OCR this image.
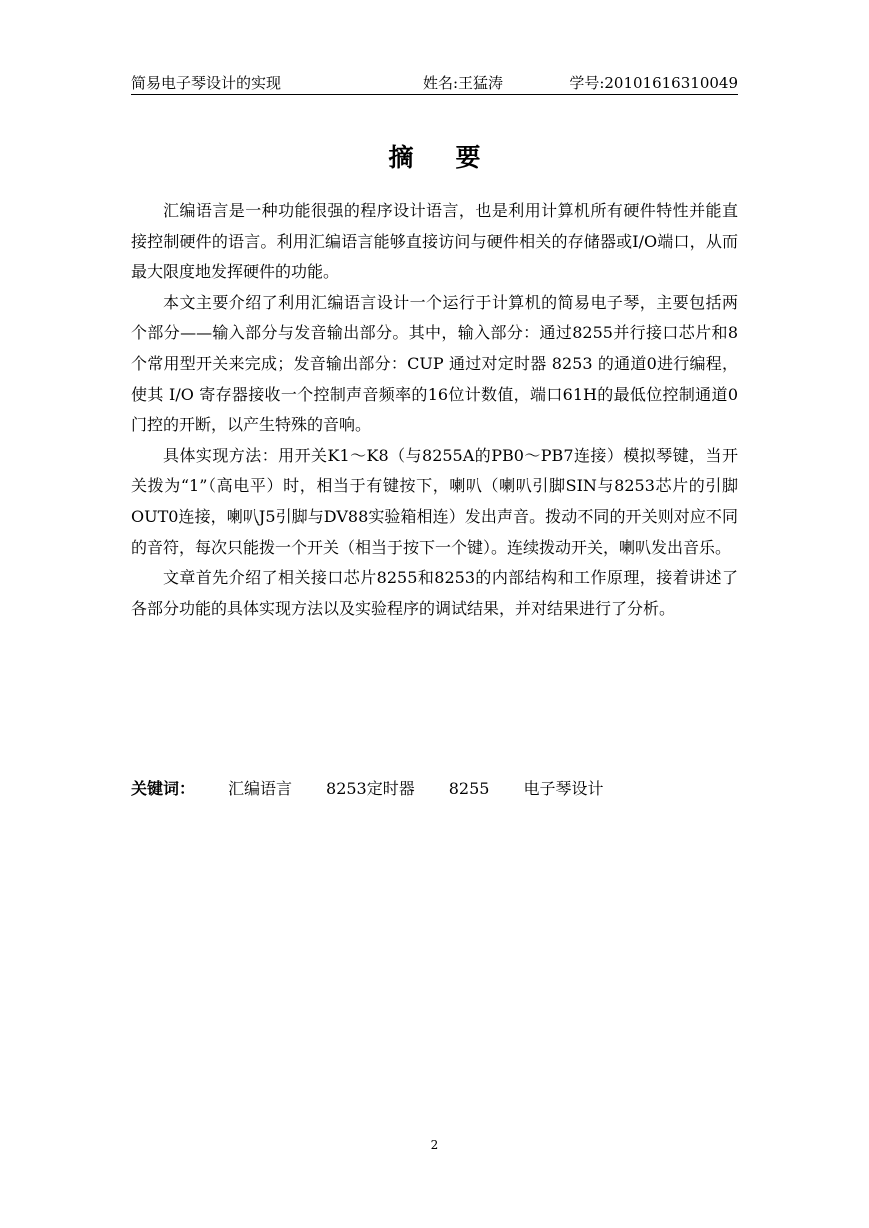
简易电子琴设计的实现	姓名:王猛涛	学号:20101616310049
摘要

汇编语言是一种功能很强的程序设计语言，也是利用计算机所有硬件特性并能直接控制硬件的语言。利用汇编语言能够直接访问与硬件相关的存储器或I/O端口，从而最大限度地发挥硬件的功能。

本文主要介绍了利用汇编语言设计一个运行于计算机的简易电子琴，主要包括两个部分——输入部分与发音输出部分。其中，输入部分：通过8255并行接口芯片和8个常用型开关来完成；发音输出部分：CUP 通过对定时器 8253 的通道0进行编程，使其 I/O 寄存器接收一个控制声音频率的16位计数值，端口61H的最低位控制通道0门控的开断，以产生特殊的音响。

具体实现方法：用开关K1～K8（与8255A的PB0～PB7连接）模拟琴键，当开关拨为“1”（高电平）时，相当于有键按下，喇叭（喇叭引脚SIN与8253芯片的引脚OUT0连接，喇叭J5引脚与DV88实验箱相连）发出声音。拨动不同的开关则对应不同的音符，每次只能拨一个开关（相当于按下一个键）。连续拨动开关，喇叭发出音乐。

文章首先介绍了相关接口芯片8255和8253的内部结构和工作原理，接着讲述了各部分功能的具体实现方法以及实验程序的调试结果，并对结果进行了分析。

关键词： 汇编语言 8253定时器 8255 电子琴设计
2
